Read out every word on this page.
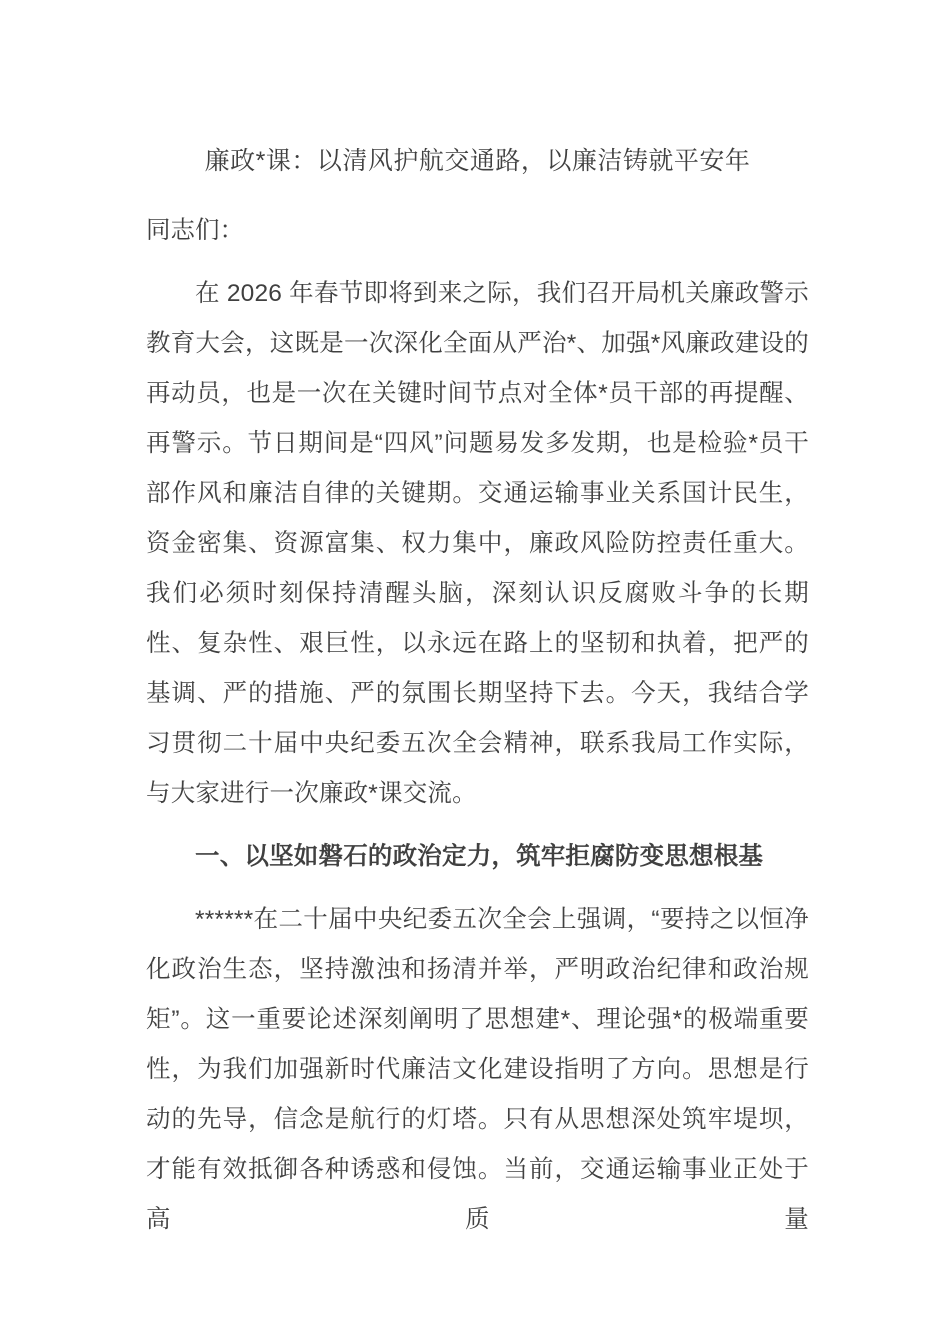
廉政*课：以清风护航交通路，以廉洁铸就平安年

同志们：

在 2026 年春节即将到来之际，我们召开局机关廉政警示教育大会，这既是一次深化全面从严治*、加强*风廉政建设的再动员，也是一次在关键时间节点对全体*员干部的再提醒、再警示。节日期间是“四风”问题易发多发期，也是检验*员干部作风和廉洁自律的关键期。交通运输事业关系国计民生，资金密集、资源富集、权力集中，廉政风险防控责任重大。我们必须时刻保持清醒头脑，深刻认识反腐败斗争的长期性、复杂性、艰巨性，以永远在路上的坚韧和执着，把严的基调、严的措施、严的氛围长期坚持下去。今天，我结合学习贯彻二十届中央纪委五次全会精神，联系我局工作实际，与大家进行一次廉政*课交流。

一、以坚如磐石的政治定力，筑牢拒腐防变思想根基

******在二十届中央纪委五次全会上强调，“要持之以恒净化政治生态，坚持激浊和扬清并举，严明政治纪律和政治规矩”。这一重要论述深刻阐明了思想建*、理论强*的极端重要性，为我们加强新时代廉洁文化建设指明了方向。思想是行动的先导，信念是航行的灯塔。只有从思想深处筑牢堤坝，才能有效抵御各种诱惑和侵蚀。当前，交通运输事业正处于高质量
